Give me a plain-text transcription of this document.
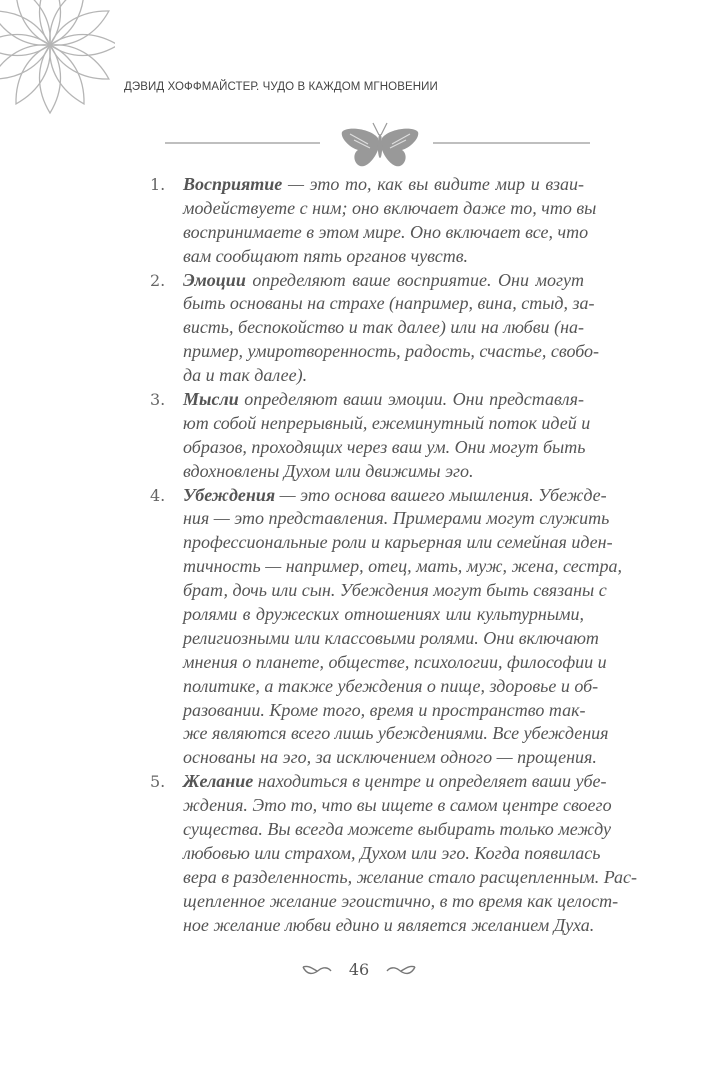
ДЭВИД ХОФФМАЙСТЕР. ЧУДО В КАЖДОМ МГНОВЕНИИ
1. Восприятие — это то, как вы видите мир и взаи-
модействуете с ним; оно включает даже то, что вы
воспринимаете в этом мире. Оно включает все, что
вам сообщают пять органов чувств.
2. Эмоции определяют ваше восприятие. Они могут
быть основаны на страхе (например, вина, стыд, за-
висть, беспокойство и так далее) или на любви (на-
пример, умиротворенность, радость, счастье, свобо-
да и так далее).
3. Мысли определяют ваши эмоции. Они представля-
ют собой непрерывный, ежеминутный поток идей и
образов, проходящих через ваш ум. Они могут быть
вдохновлены Духом или движимы эго.
4. Убеждения — это основа вашего мышления. Убежде-
ния — это представления. Примерами могут служить
профессиональные роли и карьерная или семейная иден-
тичность — например, отец, мать, муж, жена, сестра,
брат, дочь или сын. Убеждения могут быть связаны с
ролями в дружеских отношениях или культурными,
религиозными или классовыми ролями. Они включают
мнения о планете, обществе, психологии, философии и
политике, а также убеждения о пище, здоровье и об-
разовании. Кроме того, время и пространство так-
же являются всего лишь убеждениями. Все убеждения
основаны на эго, за исключением одного — прощения.
5. Желание находиться в центре и определяет ваши убе-
ждения. Это то, что вы ищете в самом центре своего
существа. Вы всегда можете выбирать только между
любовью или страхом, Духом или эго. Когда появилась
вера в разделенность, желание стало расщепленным. Рас-
щепленное желание эгоистично, в то время как целост-
ное желание любви едино и является желанием Духа.
46
